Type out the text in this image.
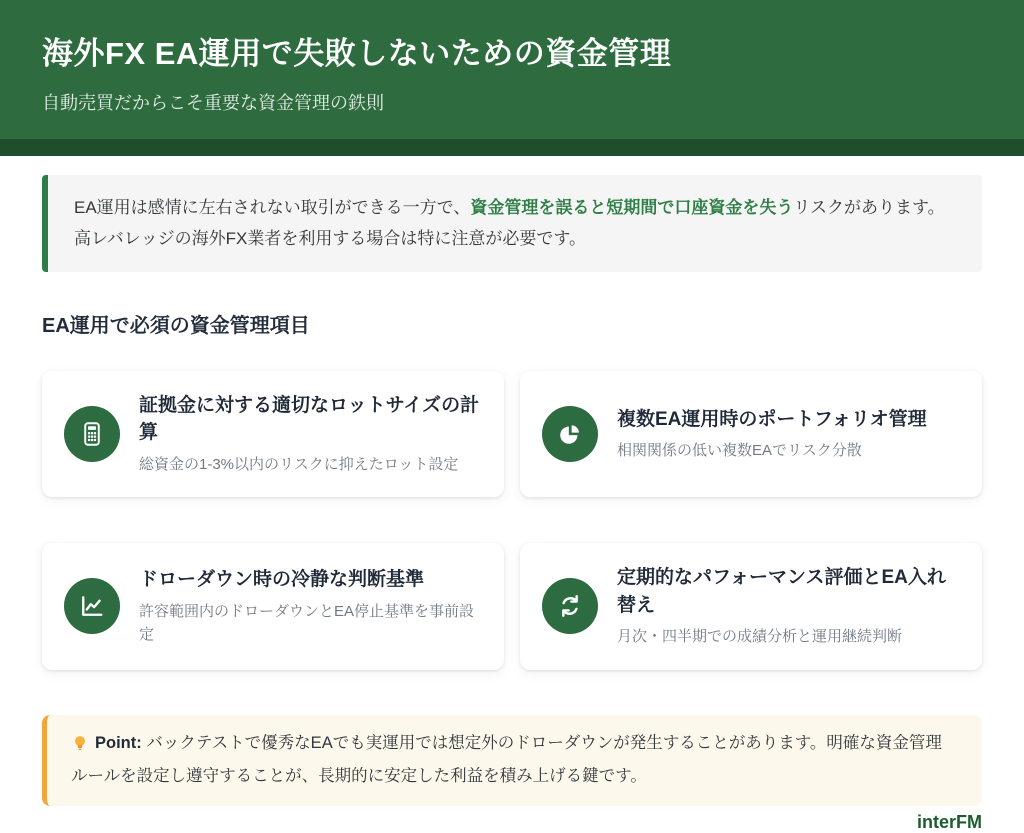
海外FX EA運用で失敗しないための資金管理

自動売買だからこそ重要な資金管理の鉄則

EA運用は感情に左右されない取引ができる一方で、資金管理を誤ると短期間で口座資金を失うリスクがあります。高レバレッジの海外FX業者を利用する場合は特に注意が必要です。
EA運用で必須の資金管理項目
証拠金に対する適切なロットサイズの計算

総資金の1-3%以内のリスクに抑えたロット設定

複数EA運用時のポートフォリオ管理

相関関係の低い複数EAでリスク分散

ドローダウン時の冷静な判断基準

許容範囲内のドローダウンとEA停止基準を事前設定

定期的なパフォーマンス評価とEA入れ替え

月次・四半期での成績分析と運用継続判断

Point: バックテストで優秀なEAでも実運用では想定外のドローダウンが発生することがあります。明確な資金管理ルールを設定し遵守することが、長期的に安定した利益を積み上げる鍵です。
interFM
